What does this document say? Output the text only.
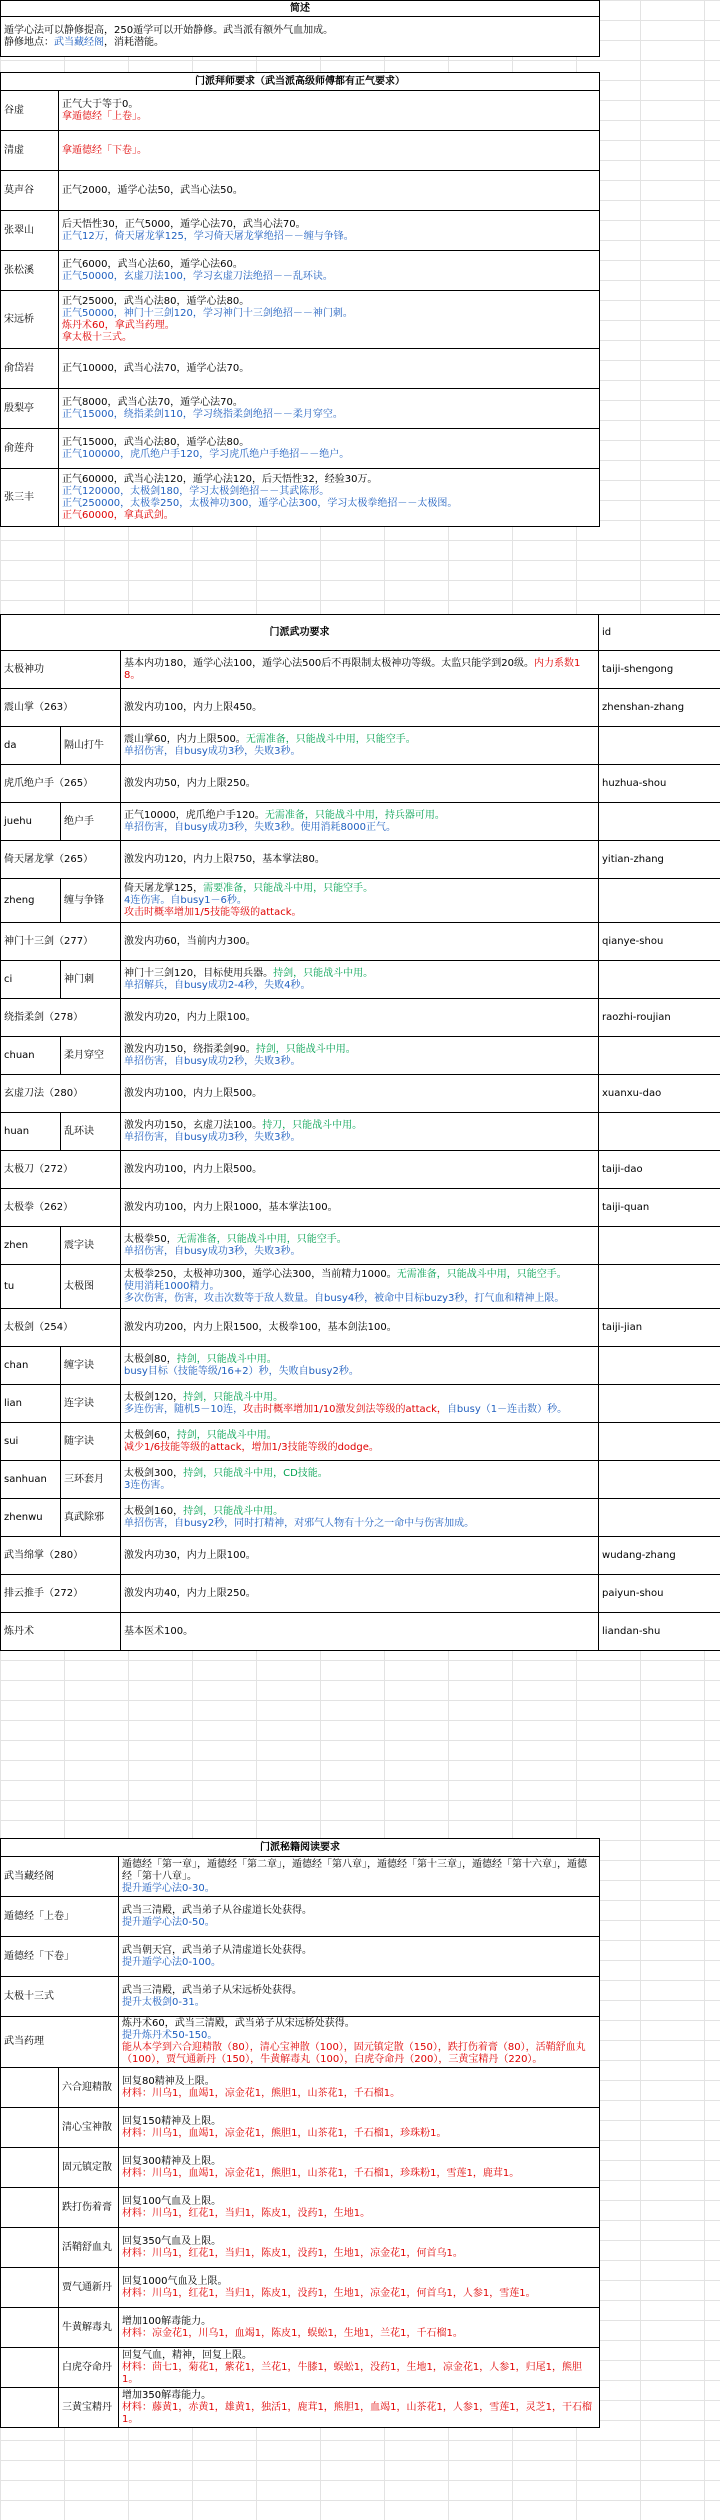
简述

遁学心法可以静修提高，250遁学可以开始静修。武当派有额外气血加成。
静修地点：武当藏经阁，消耗潜能。
门派拜师要求（武当派高级师傅都有正气要求）	
谷虚	正气大于等于0。
拿遁德经「上卷」。

清虚	拿遁德经「下卷」。

莫声谷	正气2000，遁学心法50，武当心法50。

张翠山	后天悟性30，正气5000，遁学心法70，武当心法70。
正气12万，倚天屠龙掌125，学习倚天屠龙掌绝招－－缠与争锋。

张松溪	正气6000，武当心法60，遁学心法60。
正气50000，玄虚刀法100，学习玄虚刀法绝招－－乱环诀。

宋远桥	正气25000，武当心法80，遁学心法80。
正气50000，神门十三剑120，学习神门十三剑绝招－－神门刺。
炼丹术60，拿武当药理。
拿太极十三式。

俞岱岩	正气10000，武当心法70，遁学心法70。

殷梨亭	正气8000，武当心法70，遁学心法70。
正气15000，绕指柔剑110，学习绕指柔剑绝招－－柔月穿空。

俞莲舟	正气15000，武当心法80，遁学心法80。
正气100000，虎爪绝户手120，学习虎爪绝户手绝招－－绝户。

张三丰	正气60000，武当心法120，遁学心法120，后天悟性32，经验30万。
正气120000，太极剑180，学习太极剑绝招－－其武陈形。
正气250000，太极拳250，太极神功300，遁学心法300，学习太极拳绝招－－太极图。
正气60000，拿真武剑。
门派武功要求			id
太极神功		基本内功180，遁学心法100，遁学心法500后不再限制太极神功等级。太监只能学到20级。内力系数18。	taiji-shengong
震山掌（263）		激发内功100，内力上限450。	zhenshan-zhang
da	隔山打牛	震山掌60，内力上限500。无需准备，只能战斗中用，只能空手。
单招伤害，自busy成功3秒，失败3秒。	

虎爪绝户手（265）		激发内功50，内力上限250。	huzhua-shou
juehu	绝户手	正气10000，虎爪绝户手120。无需准备，只能战斗中用，持兵器可用。
单招伤害，自busy成功3秒，失败3秒。使用消耗8000正气。	

倚天屠龙掌（265）		激发内功120，内力上限750，基本掌法80。	yitian-zhang
zheng	缠与争锋	倚天屠龙掌125，需要准备，只能战斗中用，只能空手。
4连伤害。自busy1－6秒。
攻击时概率增加1/5技能等级的attack。	

神门十三剑（277）		激发内功60，当前内力300。	qianye-shou
ci	神门刺	神门十三剑120，目标使用兵器。持剑，只能战斗中用。
单招解兵，自busy成功2-4秒，失败4秒。	

绕指柔剑（278）		激发内功20，内力上限100。	raozhi-roujian
chuan	柔月穿空	激发内功150，绕指柔剑90。持剑，只能战斗中用。
单招伤害，自busy成功2秒，失败3秒。	

玄虚刀法（280）		激发内功100，内力上限500。	xuanxu-dao
huan	乱环诀	激发内功150，玄虚刀法100。持刀，只能战斗中用。
单招伤害，自busy成功3秒，失败3秒。	

太极刀（272）		激发内功100，内力上限500。	taiji-dao
太极拳（262）		激发内功100，内力上限1000，基本掌法100。	taiji-quan
zhen	震字诀	太极拳50，无需准备，只能战斗中用，只能空手。
单招伤害，自busy成功3秒，失败3秒。	

tu	太极图	太极拳250，太极神功300，遁学心法300，当前精力1000。无需准备，只能战斗中用，只能空手。
使用消耗1000精力。
多次伤害，伤害，攻击次数等于敌人数量。自busy4秒，被命中目标buzy3秒，打气血和精神上限。	

太极剑（254）		激发内功200，内力上限1500，太极拳100，基本剑法100。	taiji-jian
chan	缠字诀	太极剑80，持剑，只能战斗中用。
busy目标（技能等级/16+2）秒，失败自busy2秒。	

lian	连字诀	太极剑120，持剑，只能战斗中用。
多连伤害，随机5－10连，攻击时概率增加1/10激发剑法等级的attack，自busy（1－连击数）秒。	

sui	随字诀	太极剑60，持剑，只能战斗中用。
减少1/6技能等级的attack，增加1/3技能等级的dodge。	

sanhuan	三环套月	太极剑300，持剑，只能战斗中用，CD技能。
3连伤害。	

zhenwu	真武除邪	太极剑160，持剑，只能战斗中用。
单招伤害，自busy2秒，同时打精神，对邪气人物有十分之一命中与伤害加成。	

武当绵掌（280）		激发内功30，内力上限100。	wudang-zhang
排云推手（272）		激发内功40，内力上限250。	paiyun-shou
炼丹术		基本医术100。	liandan-shu
门派秘籍阅读要求		
武当藏经阁		遁德经「第一章」，遁德经「第二章」，遁德经「第八章」，遁德经「第十三章」，遁德经「第十六章」，遁德经「第十八章」。
提升遁学心法0-30。

遁德经「上卷」		武当三清殿，武当弟子从谷虚道长处获得。
提升遁学心法0-50。

遁德经「下卷」		武当朝天宫，武当弟子从清虚道长处获得。
提升遁学心法0-100。

太极十三式		武当三清殿，武当弟子从宋远桥处获得。
提升太极剑0-31。

武当药理		炼丹术60，武当三清殿，武当弟子从宋远桥处获得。
提升炼丹术50-150。
能从本学到六合迎精散（80），清心宝神散（100），固元镇定散（150），跌打伤着膏（80），活鞘舒血丸（100），贾气通新丹（150），牛黄解毒丸（100），白虎夺命丹（200），三黄宝精丹（220）。

	六合迎精散	回复80精神及上限。
材料：川乌1，血竭1，凉金花1，熊胆1，山茶花1，千石榴1。

	清心宝神散	回复150精神及上限。
材料：川乌1，血竭1，凉金花1，熊胆1，山茶花1，千石榴1，珍珠粉1。

	固元镇定散	回复300精神及上限。
材料：川乌1，血竭1，凉金花1，熊胆1，山茶花1，千石榴1，珍珠粉1，雪莲1，鹿茸1。

	跌打伤着膏	回复100气血及上限。
材料：川乌1，红花1，当归1，陈皮1，没药1，生地1。

	活鞘舒血丸	回复350气血及上限。
材料：川乌1，红花1，当归1，陈皮1，没药1，生地1，凉金花1，何首乌1。

	贾气通新丹	回复1000气血及上限。
材料：川乌1，红花1，当归1，陈皮1，没药1，生地1，凉金花1，何首乌1，人参1，雪莲1。

	牛黄解毒丸	增加100解毒能力。
材料：凉金花1，川乌1，血竭1，陈皮1，蜈蚣1，生地1，兰花1，千石榴1。

	白虎夺命丹	回复气血，精神，回复上限。
材料：茴七1，菊花1，紫花1，兰花1，牛膝1，蜈蚣1，没药1，生地1，凉金花1，人参1，归尾1，熊胆1。

	三黄宝精丹	增加350解毒能力。
材料：藤黄1，赤黄1，雄黄1，独活1，鹿茸1，熊胆1，血竭1，山茶花1，人参1，雪莲1，灵芝1，干石榴1。
